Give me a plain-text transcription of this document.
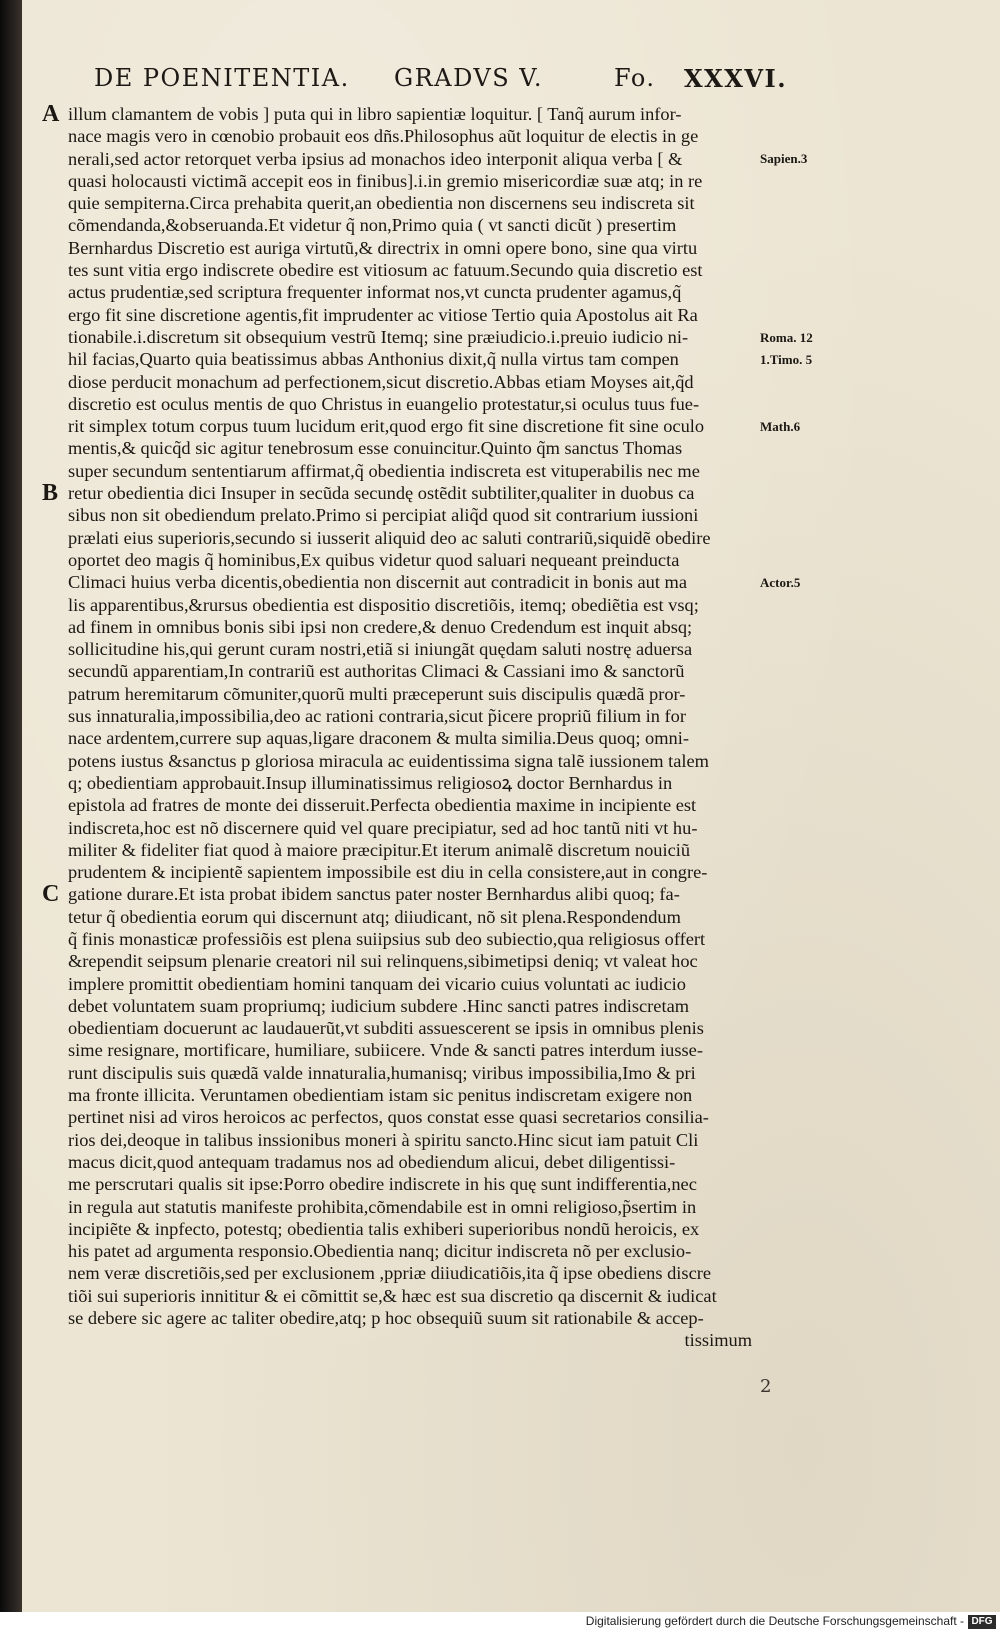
DE POENITENTIA. GRADVS V.	Fo. XXXVI.
A illum clamantem de vobis ] puta qui in libro sapientiæ loquitur. [ Tanq̃ aurum infor-
nace magis vero in cœnobio probauit eos dñs.Philosophus aũt loquitur de electis in ge
nerali,sed actor retorquet verba ipsius ad monachos ideo interponit aliqua verba [ &
quasi holocausti victimã accepit eos in finibus].i.in gremio misericordiæ suæ atq; in re
quie sempiterna.Circa prehabita querit,an obedientia non discernens seu indiscreta sit
cõmendanda,&obseruanda.Et videtur q̃ non,Primo quia ( vt sancti dicũt ) presertim
Bernhardus Discretio est auriga virtutũ,& directrix in omni opere bono, sine qua virtu
tes sunt vitia ergo indiscrete obedire est vitiosum ac fatuum.Secundo quia discretio est
actus prudentiæ,sed scriptura frequenter informat nos,vt cuncta prudenter agamus,q̃
ergo fit sine discretione agentis,fit imprudenter ac vitiose Tertio quia Apostolus ait Ra
tionabile.i.discretum sit obsequium vestrũ Itemq; sine præiudicio.i.preuio iudicio ni-
hil facias,Quarto quia beatissimus abbas Anthonius dixit,q̃ nulla virtus tam compen
diose perducit monachum ad perfectionem,sicut discretio.Abbas etiam Moyses ait,q̃d
discretio est oculus mentis de quo Christus in euangelio protestatur,si oculus tuus fue-
rit simplex totum corpus tuum lucidum erit,quod ergo fit sine discretione fit sine oculo
mentis,& quicq̃d sic agitur tenebrosum esse conuincitur.Quinto q̃m sanctus Thomas
super secundum sententiarum affirmat,q̃ obedientia indiscreta est vituperabilis nec me
B retur obedientia dici Insuper in secũda secundę ostẽdit subtiliter,qualiter in duobus ca
sibus non sit obediendum prelato.Primo si percipiat aliq̃d quod sit contrarium iussioni
prælati eius superioris,secundo si iusserit aliquid deo ac saluti contrariũ,siquidẽ obedire
oportet deo magis q̃ hominibus,Ex quibus videtur quod saluari nequeant preinducta
Climaci huius verba dicentis,obedientia non discernit aut contradicit in bonis aut ma
lis apparentibus,&rursus obedientia est dispositio discretiõis, itemq; obediẽtia est vsq;
ad finem in omnibus bonis sibi ipsi non credere,& denuo Credendum est inquit absq;
sollicitudine his,qui gerunt curam nostri,etiã si iniungãt quędam saluti nostrę aduersa
secundũ apparentiam,In contrariũ est authoritas Climaci & Cassiani imo & sanctorũ
patrum heremitarum cõmuniter,quorũ multi præceperunt suis discipulis quædã pror-
sus innaturalia,impossibilia,deo ac rationi contraria,sicut p̃icere propriũ filium in for
nace ardentem,currere sup aquas,ligare draconem & multa similia.Deus quoq; omni-
potens iustus &sanctus p gloriosa miracula ac euidentissima signa talẽ iussionem talem
q; obedientiam approbauit.Insup illuminatissimus religiosoꝝ doctor Bernhardus in
epistola ad fratres de monte dei disseruit.Perfecta obedientia maxime in incipiente est
indiscreta,hoc est nõ discernere quid vel quare precipiatur, sed ad hoc tantũ niti vt hu-
militer & fideliter fiat quod à maiore præcipitur.Et iterum animalẽ discretum nouiciũ
prudentem & incipientẽ sapientem impossibile est diu in cella consistere,aut in congre-
C gatione durare.Et ista probat ibidem sanctus pater noster Bernhardus alibi quoq; fa-
tetur q̃ obedientia eorum qui discernunt atq; diiudicant, nõ sit plena.Respondendum
q̃ finis monasticæ professiõis est plena suiipsius sub deo subiectio,qua religiosus offert
&rependit seipsum plenarie creatori nil sui relinquens,sibimetipsi deniq; vt valeat hoc
implere promittit obedientiam homini tanquam dei vicario cuius voluntati ac iudicio
debet voluntatem suam propriumq; iudicium subdere .Hinc sancti patres indiscretam
obedientiam docuerunt ac laudauerũt,vt subditi assuescerent se ipsis in omnibus plenis
sime resignare, mortificare, humiliare, subiicere. Vnde & sancti patres interdum iusse-
runt discipulis suis quædã valde innaturalia,humanisq; viribus impossibilia,Imo & pri
ma fronte illicita. Veruntamen obedientiam istam sic penitus indiscretam exigere non
pertinet nisi ad viros heroicos ac perfectos, quos constat esse quasi secretarios consilia-
rios dei,deoque in talibus inssionibus moneri à spiritu sancto.Hinc sicut iam patuit Cli
macus dicit,quod antequam tradamus nos ad obediendum alicui, debet diligentissi-
me perscrutari qualis sit ipse:Porro obedire indiscrete in his quę sunt indifferentia,nec
in regula aut statutis manifeste prohibita,cõmendabile est in omni religioso,p̃sertim in
incipiẽte & inpfecto, potestq; obedientia talis exhiberi superioribus nondũ heroicis, ex
his patet ad argumenta responsio.Obedientia nanq; dicitur indiscreta nõ per exclusio-
nem veræ discretiõis,sed per exclusionem ,ppriæ diiudicatiõis,ita q̃ ipse obediens discre
tiõi sui superioris innititur & ei cõmittit se,& hæc est sua discretio qa discernit & iudicat
se debere sic agere ac taliter obedire,atq; p hoc obsequiũ suum sit rationabile & accep-
tissimum
Sapien.3
Roma. 12
1.Timo. 5
Math.6
Actor.5
2
Digitalisierung gefördert durch die Deutsche Forschungsgemeinschaft - DFG
